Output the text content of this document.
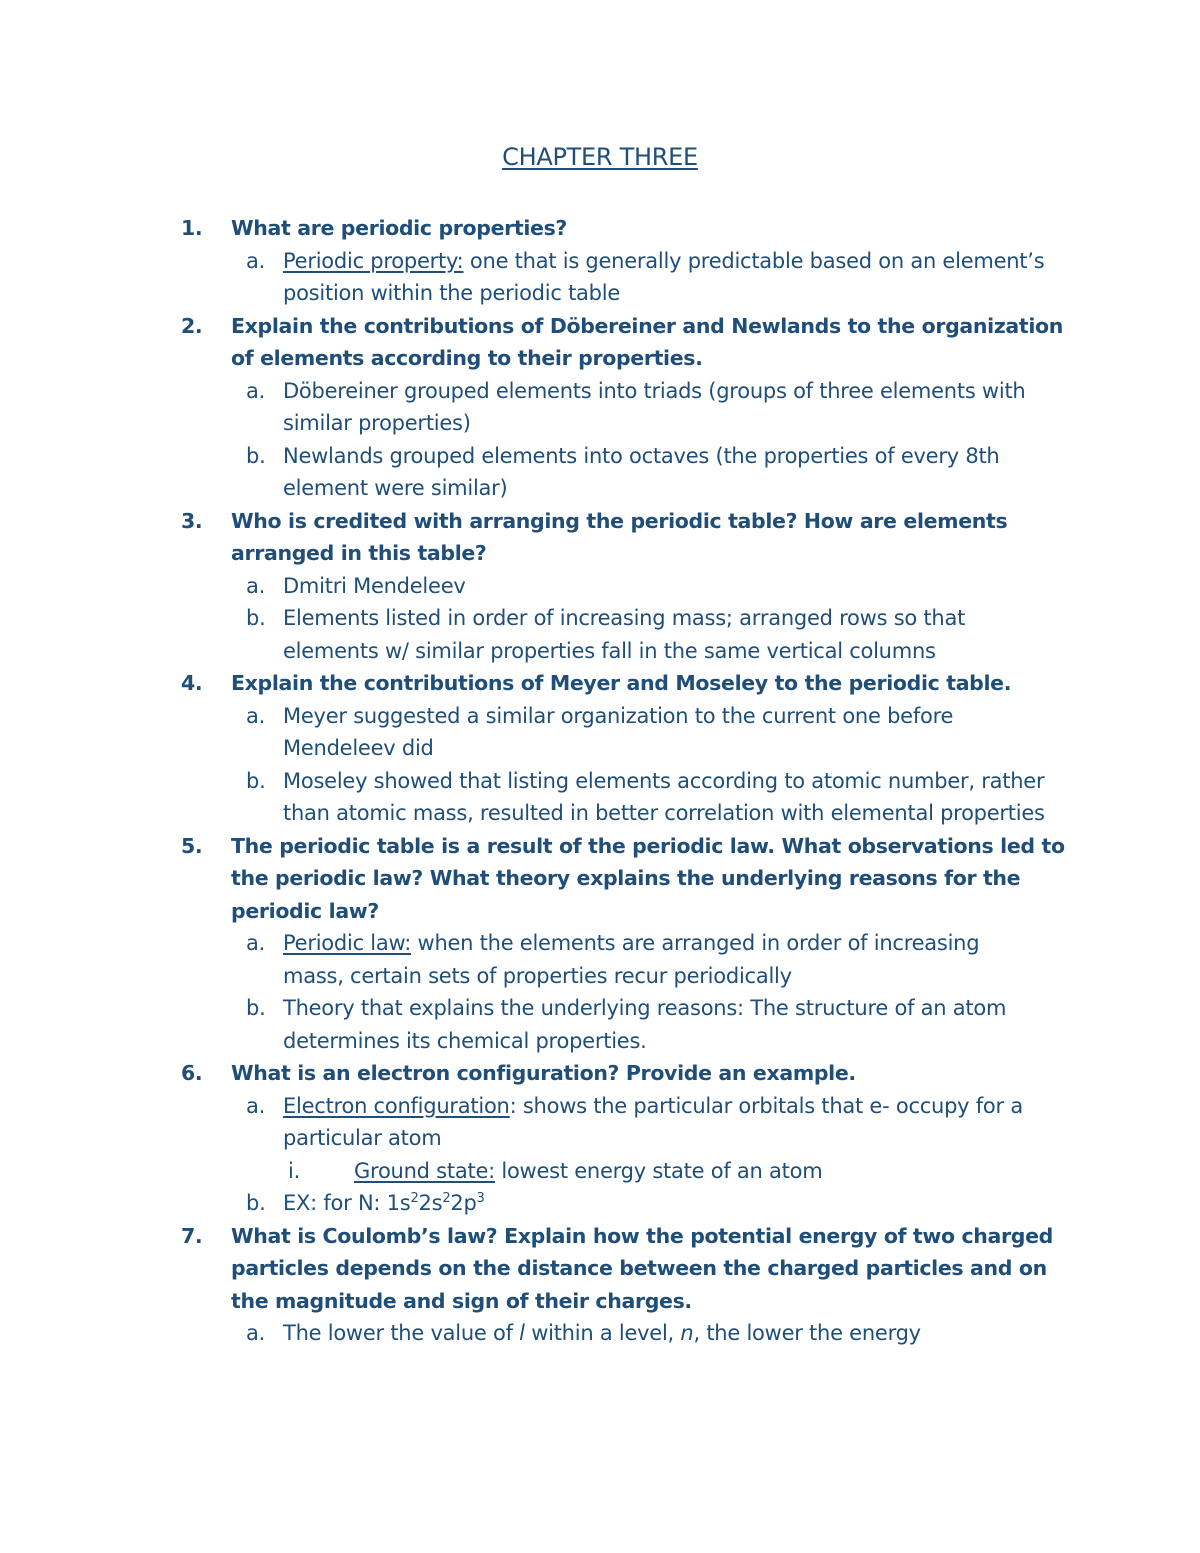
CHAPTER THREE
1. What are periodic properties?
a. Periodic property: one that is generally predictable based on an element’s
position within the periodic table
2. Explain the contributions of Döbereiner and Newlands to the organization
of elements according to their properties.
a. Döbereiner grouped elements into triads (groups of three elements with
similar properties)
b. Newlands grouped elements into octaves (the properties of every 8th
element were similar)
3. Who is credited with arranging the periodic table? How are elements
arranged in this table?
a. Dmitri Mendeleev
b. Elements listed in order of increasing mass; arranged rows so that
elements w/ similar properties fall in the same vertical columns
4. Explain the contributions of Meyer and Moseley to the periodic table.
a. Meyer suggested a similar organization to the current one before
Mendeleev did
b. Moseley showed that listing elements according to atomic number, rather
than atomic mass, resulted in better correlation with elemental properties
5. The periodic table is a result of the periodic law. What observations led to
the periodic law? What theory explains the underlying reasons for the
periodic law?
a. Periodic law: when the elements are arranged in order of increasing
mass, certain sets of properties recur periodically
b. Theory that explains the underlying reasons: The structure of an atom
determines its chemical properties.
6. What is an electron configuration? Provide an example.
a. Electron configuration: shows the particular orbitals that e- occupy for a
particular atom
i.	Ground state: lowest energy state of an atom
b. EX: for N: $1s^22s^22p^3$
7. What is Coulomb’s law? Explain how the potential energy of two charged
particles depends on the distance between the charged particles and on
the magnitude and sign of their charges.
a. The lower the value of l within a level, n, the lower the energy
